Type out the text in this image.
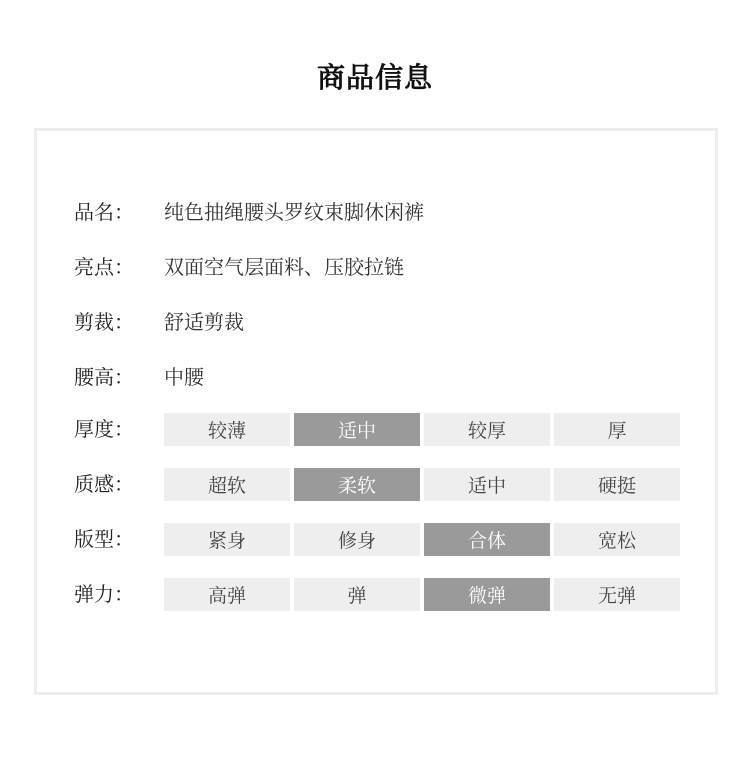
商品信息
品名：	纯色抽绳腰头罗纹束脚休闲裤
亮点：	双面空气层面料、压胶拉链
剪裁：	舒适剪裁
腰高：	中腰
厚度：	较薄	适中	较厚	厚
质感：	超软	柔软	适中	硬挺
版型：	紧身	修身	合体	宽松
弹力：	高弹	弹	微弹	无弹
